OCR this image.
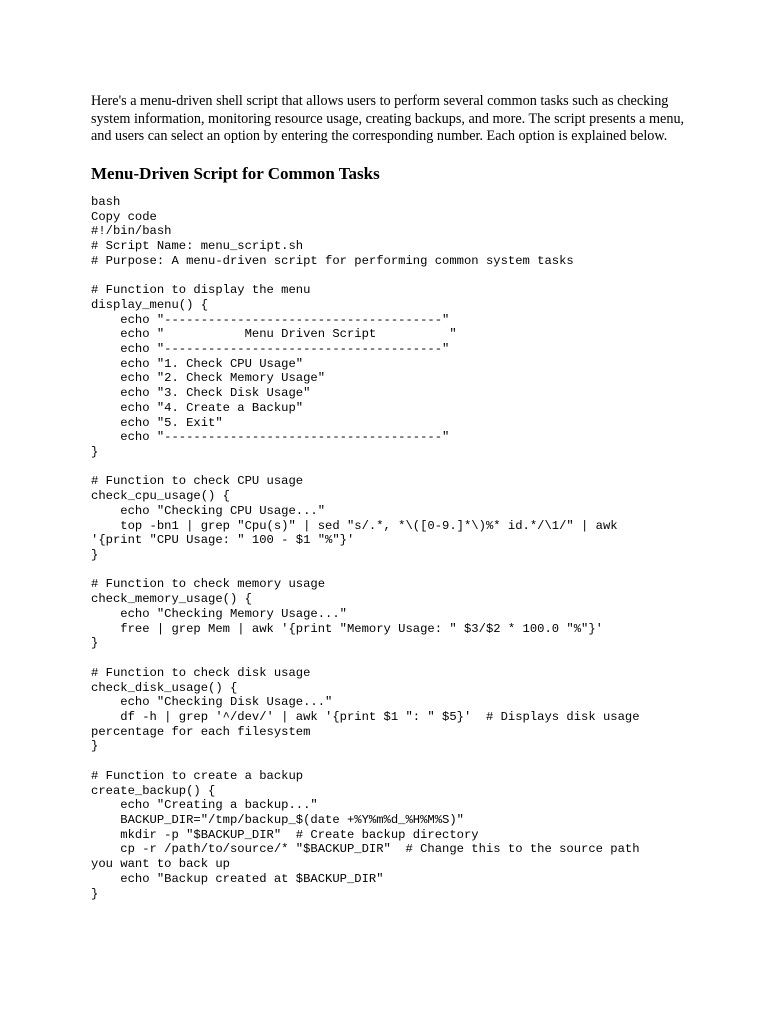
Here's a menu-driven shell script that allows users to perform several common tasks such as checking system information, monitoring resource usage, creating backups, and more. The script presents a menu, and users can select an option by entering the corresponding number. Each option is explained below.

Menu-Driven Script for Common Tasks
bash
Copy code
#!/bin/bash
# Script Name: menu_script.sh
# Purpose: A menu-driven script for performing common system tasks

# Function to display the menu
display_menu() {
echo "--------------------------------------"
echo "           Menu Driven Script          "
echo "--------------------------------------"
echo "1. Check CPU Usage"
echo "2. Check Memory Usage"
echo "3. Check Disk Usage"
echo "4. Create a Backup"
echo "5. Exit"
echo "--------------------------------------"
}

# Function to check CPU usage
check_cpu_usage() {
echo "Checking CPU Usage..."
top -bn1 | grep "Cpu(s)" | sed "s/.*, *\([0-9.]*\)%* id.*/\1/" | awk
'{print "CPU Usage: " 100 - $1 "%"}'
}

# Function to check memory usage
check_memory_usage() {
echo "Checking Memory Usage..."
free | grep Mem | awk '{print "Memory Usage: " $3/$2 * 100.0 "%"}'
}

# Function to check disk usage
check_disk_usage() {
echo "Checking Disk Usage..."
df -h | grep '^/dev/' | awk '{print $1 ": " $5}'  # Displays disk usage
percentage for each filesystem
}

# Function to create a backup
create_backup() {
echo "Creating a backup..."
BACKUP_DIR="/tmp/backup_$(date +%Y%m%d_%H%M%S)"
mkdir -p "$BACKUP_DIR"  # Create backup directory
cp -r /path/to/source/* "$BACKUP_DIR"  # Change this to the source path
you want to back up
echo "Backup created at $BACKUP_DIR"
}
